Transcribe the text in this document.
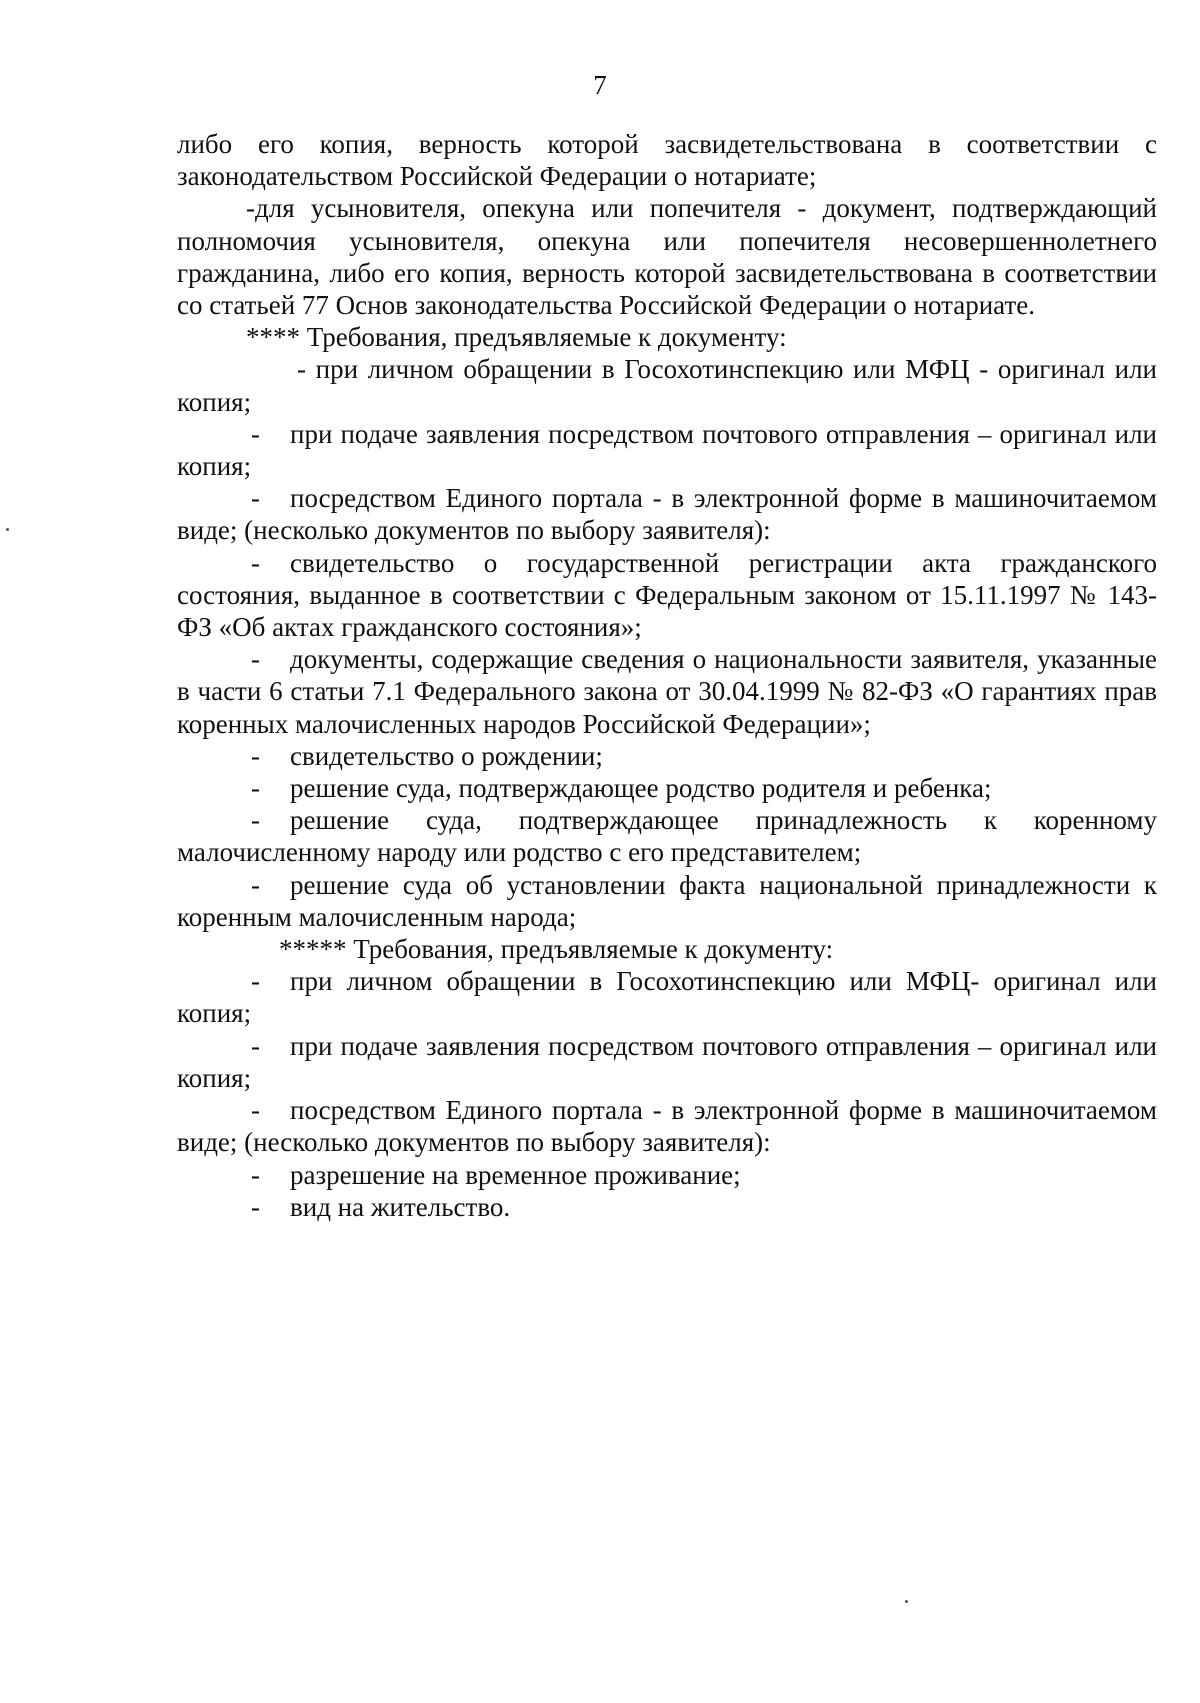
7

либо его копия, верность которой засвидетельствована в соответствии с законодательством Российской Федерации о нотариате;

-для усыновителя, опекуна или попечителя - документ, подтверждающий полномочия усыновителя, опекуна или попечителя несовершеннолетнего гражданина, либо его копия, верность которой засвидетельствована в соответствии со статьей 77 Основ законодательства Российской Федерации о нотариате.

**** Требования, предъявляемые к документу:

- при личном обращении в Госохотинспекцию или МФЦ - оригинал или копия;

- при подаче заявления посредством почтового отправления – оригинал или копия;

- посредством Единого портала - в электронной форме в машиночитаемом виде; (несколько документов по выбору заявителя):

- свидетельство о государственной регистрации акта гражданского состояния, выданное в соответствии с Федеральным законом от 15.11.1997 № 143-ФЗ «Об актах гражданского состояния»;

- документы, содержащие сведения о национальности заявителя, указанные в части 6 статьи 7.1 Федерального закона от 30.04.1999 № 82-ФЗ «О гарантиях прав коренных малочисленных народов Российской Федерации»;

- свидетельство о рождении;

- решение суда, подтверждающее родство родителя и ребенка;

- решение суда, подтверждающее принадлежность к коренному малочисленному народу или родство с его представителем;

- решение суда об установлении факта национальной принадлежности к коренным малочисленным народа;

***** Требования, предъявляемые к документу:

- при личном обращении в Госохотинспекцию или МФЦ- оригинал или копия;

- при подаче заявления посредством почтового отправления – оригинал или копия;

- посредством Единого портала - в электронной форме в машиночитаемом виде; (несколько документов по выбору заявителя):

- разрешение на временное проживание;

- вид на жительство.
